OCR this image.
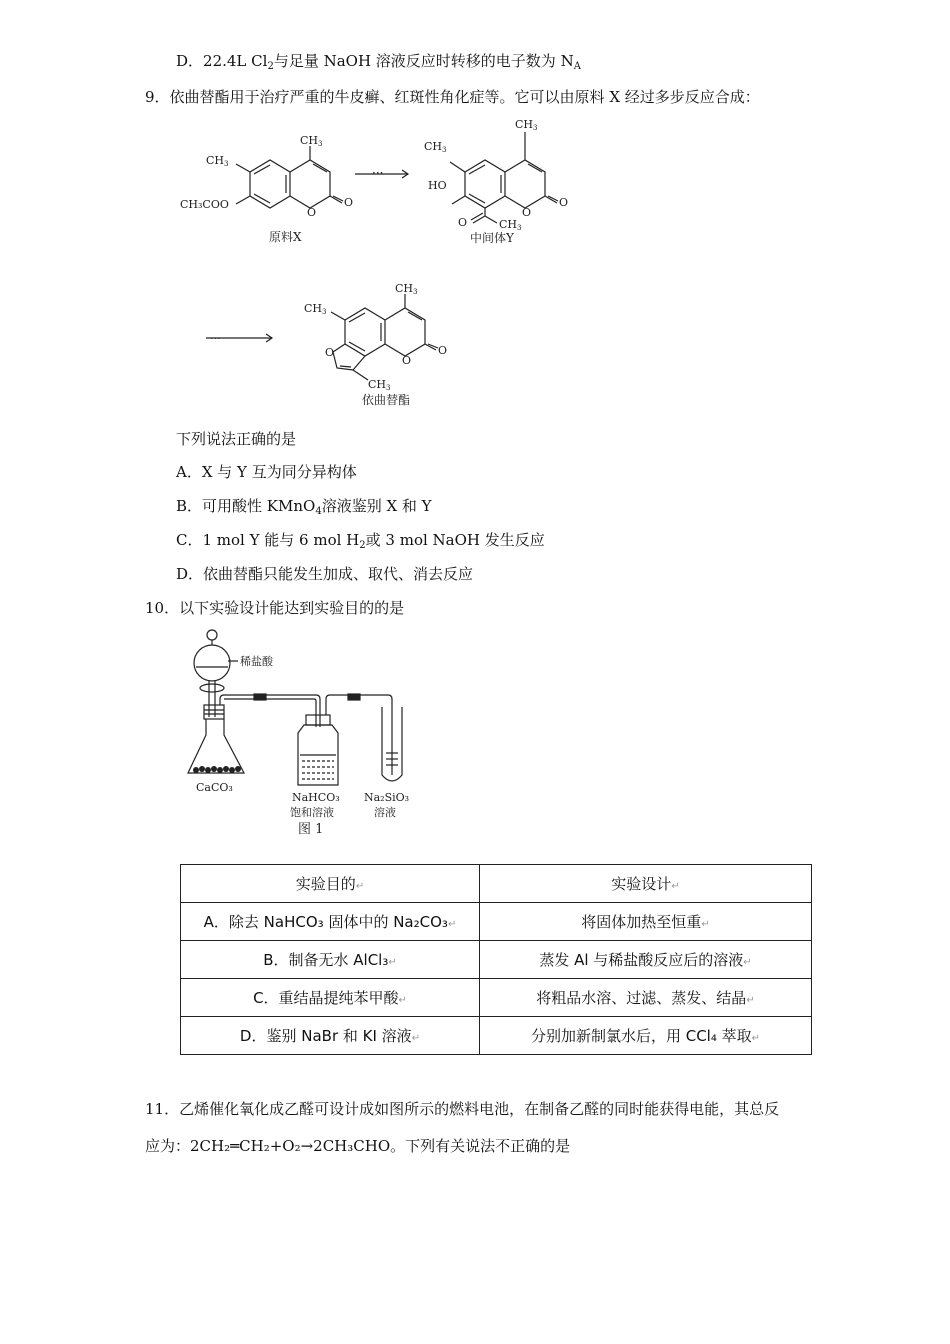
D．22.4L $Cl_2$与足量 NaOH 溶液反应时转移的电子数为 $N_A$
9．依曲替酯用于治疗严重的牛皮癣、红斑性角化症等。它可以由原料 X 经过多步反应合成：
CH3
CH3
CH₃COO
O
O
原料X
CH3
CH3
HO
O
O
O	CH3
中间体Y
···
···
CH3
CH3
O
O
O
CH3
依曲替酯
下列说法正确的是
A．X 与 Y 互为同分异构体
B．可用酸性 KMnO$_4$溶液鉴别 X 和 Y
C．1 mol Y 能与 6 mol $H_2$或 3 mol NaOH 发生反应
D．依曲替酯只能发生加成、取代、消去反应
10．以下实验设计能达到实验目的的是
稀盐酸
CaCO₃
NaHCO₃
饱和溶液
Na₂SiO₃
溶液
图 1
实验目的↵	实验设计↵
A．除去 NaHCO₃ 固体中的 Na₂CO₃↵	将固体加热至恒重↵
B．制备无水 AlCl₃↵	蒸发 Al 与稀盐酸反应后的溶液↵
C．重结晶提纯苯甲酸↵	将粗品水溶、过滤、蒸发、结晶↵
D．鉴别 NaBr 和 KI 溶液↵	分别加新制氯水后，用 CCl₄ 萃取↵
11．乙烯催化氧化成乙醛可设计成如图所示的燃料电池，在制备乙醛的同时能获得电能，其总反
应为：2CH₂═CH₂+O₂→2CH₃CHO。下列有关说法不正确的是
